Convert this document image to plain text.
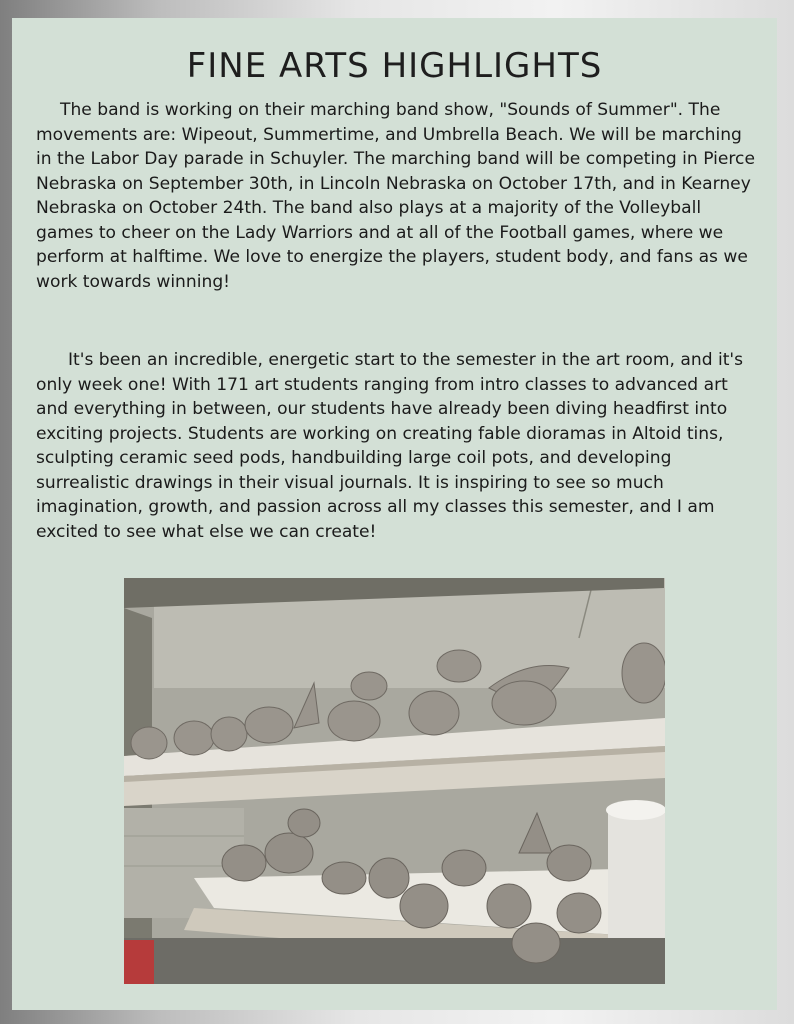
FINE ARTS HIGHLIGHTS

The band is working on their marching band show, "Sounds of Summer". The movements are: Wipeout, Summertime, and Umbrella Beach. We will be marching in the Labor Day parade in Schuyler. The marching band will be competing in Pierce Nebraska on September 30th, in Lincoln Nebraska on October 17th, and in Kearney Nebraska on October 24th. The band also plays at a majority of the Volleyball games to cheer on the Lady Warriors and at all of the Football games, where we perform at halftime. We love to energize the players, student body, and fans as we work towards winning!

It's been an incredible, energetic start to the semester in the art room, and it's only week one! With 171 art students ranging from intro classes to advanced art and everything in between, our students have already been diving headfirst into exciting projects. Students are working on creating fable dioramas in Altoid tins, sculpting ceramic seed pods, handbuilding large coil pots, and developing surrealistic drawings in their visual journals. It is inspiring to see so much imagination, growth, and passion across all my classes this semester, and I am excited to see what else we can create!
